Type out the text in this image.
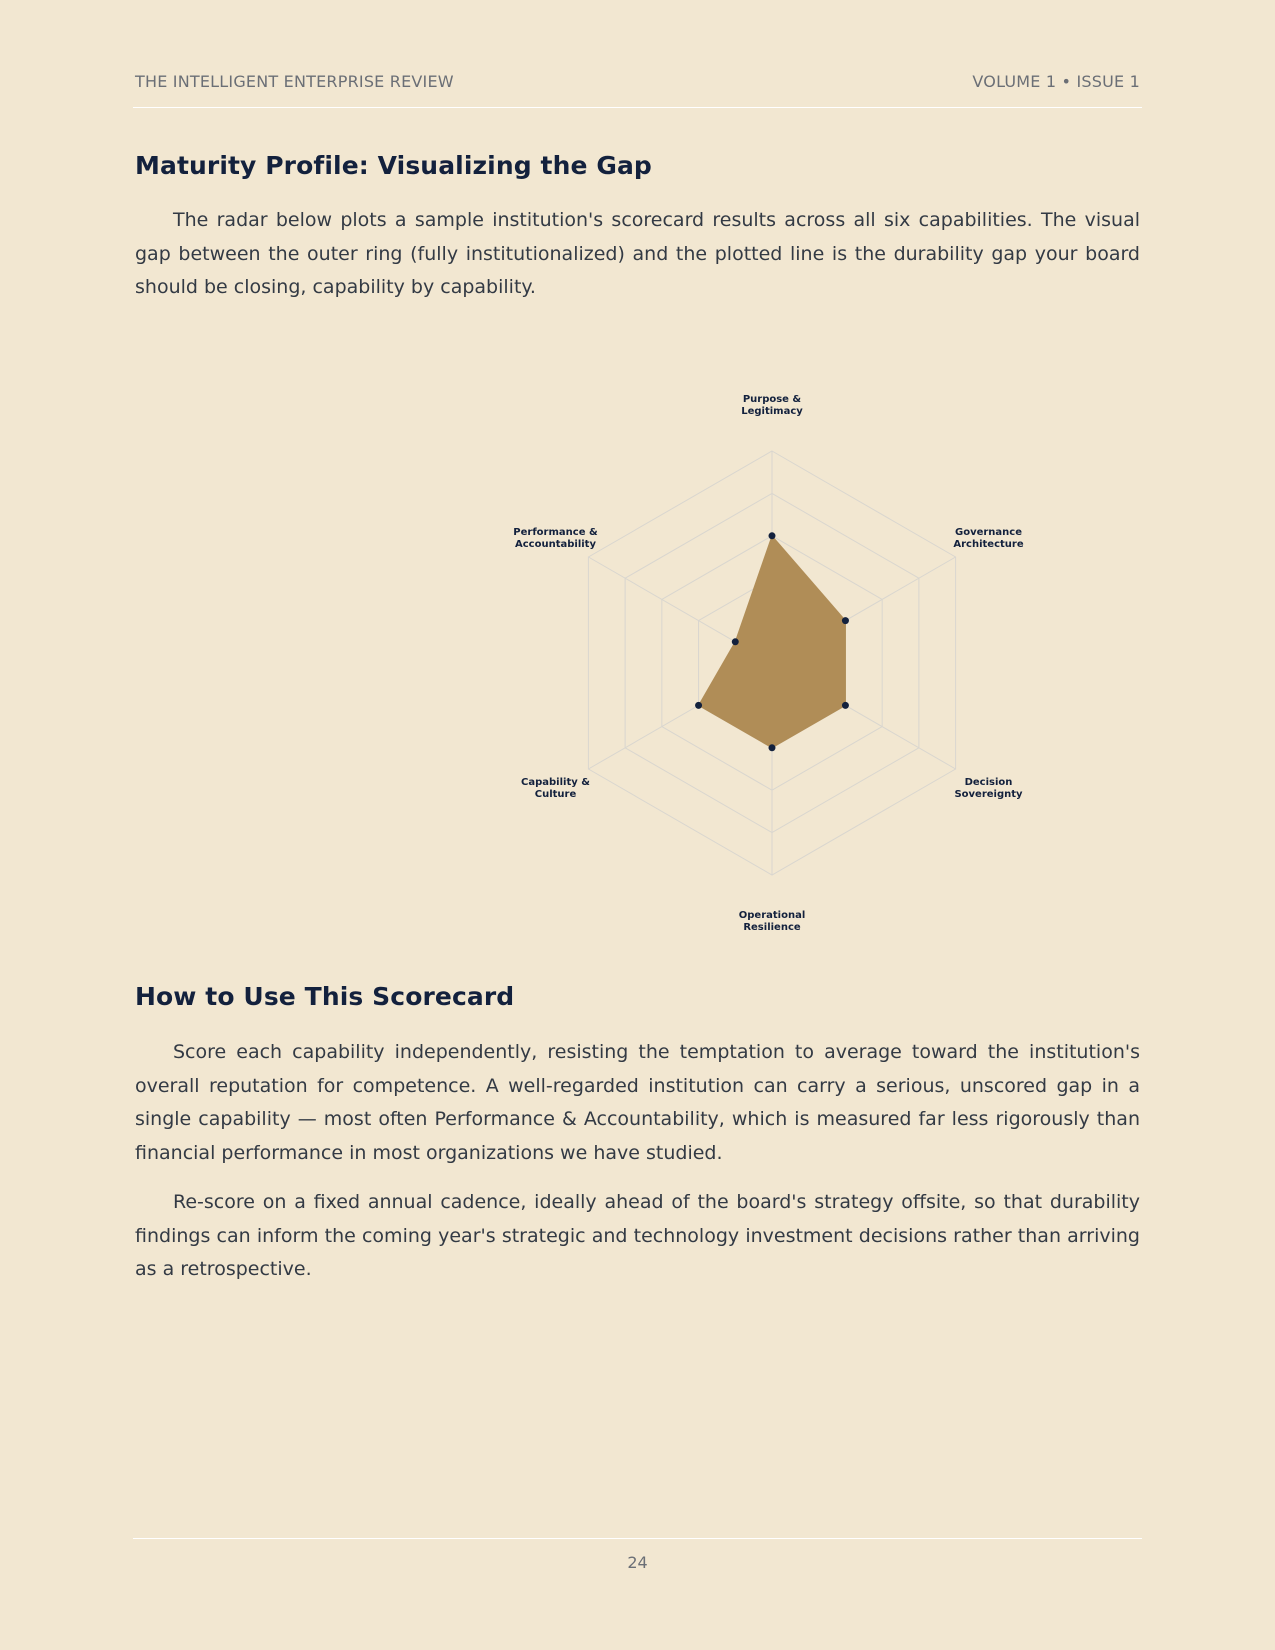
THE INTELLIGENT ENTERPRISE REVIEW	VOLUME 1 • ISSUE 1
Maturity Profile: Visualizing the Gap

The radar below plots a sample institution's scorecard results across all six capabilities. The visual gap between the outer ring (fully institutionalized) and the plotted line is the durability gap your board should be closing, capability by capability.

Purpose & Legitimacy
Governance Architecture
Decision Sovereignty
Operational Resilience
Capability & Culture
Performance & Accountability
How to Use This Scorecard

Score each capability independently, resisting the temptation to average toward the institution's overall reputation for competence. A well-regarded institution can carry a serious, unscored gap in a single capability — most often Performance & Accountability, which is measured far less rigorously than financial performance in most organizations we have studied.

Re-score on a fixed annual cadence, ideally ahead of the board's strategy offsite, so that durability findings can inform the coming year's strategic and technology investment decisions rather than arriving as a retrospective.

24
